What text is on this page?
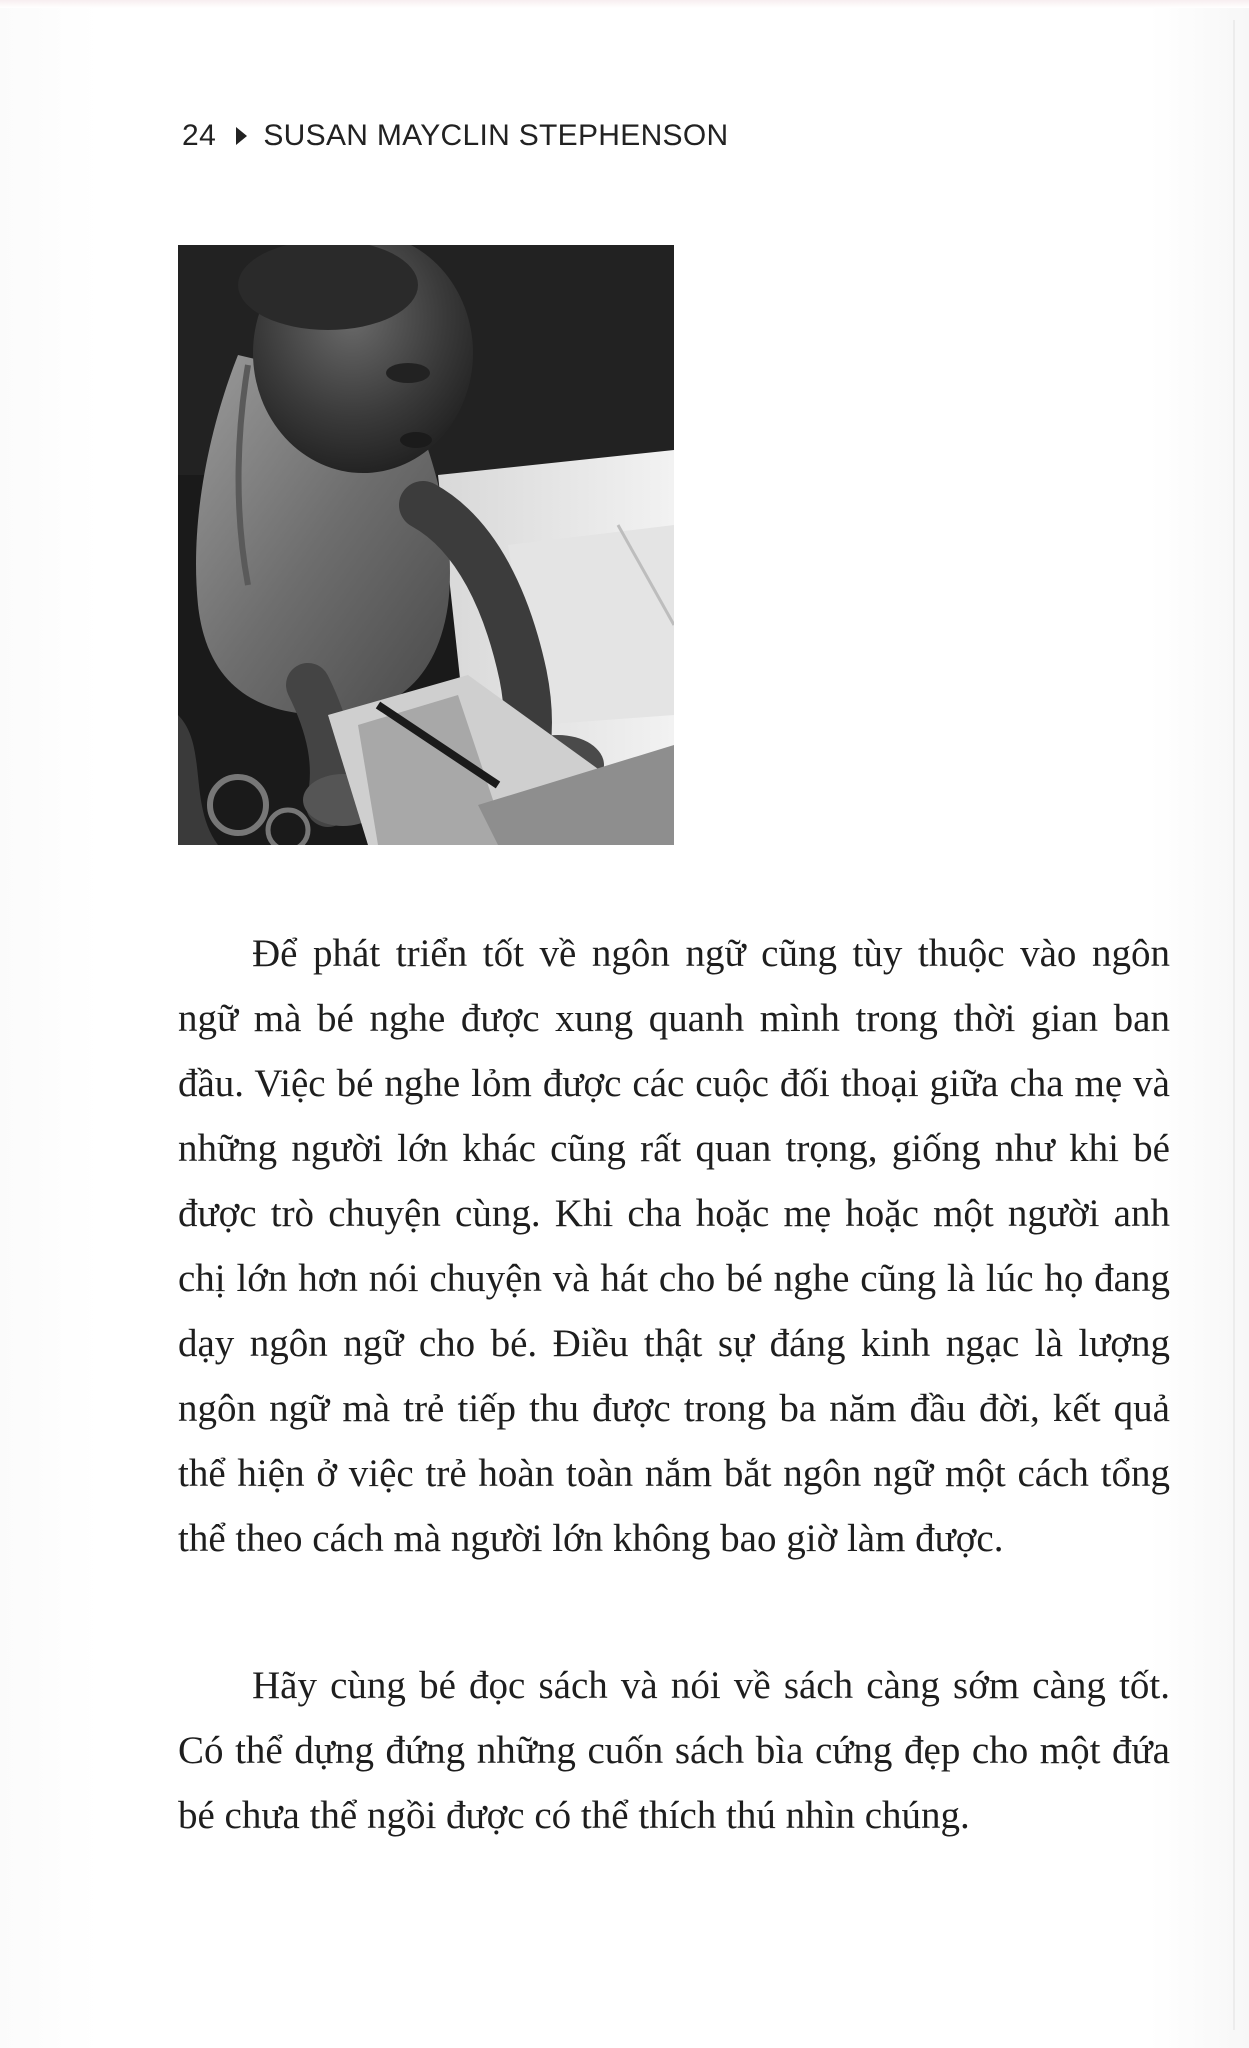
24 SUSAN MAYCLIN STEPHENSON

Để phát triển tốt về ngôn ngữ cũng tùy thuộc vào ngôn ngữ mà bé nghe được xung quanh mình trong thời gian ban đầu. Việc bé nghe lỏm được các cuộc đối thoại giữa cha mẹ và những người lớn khác cũng rất quan trọng, giống như khi bé được trò chuyện cùng. Khi cha hoặc mẹ hoặc một người anh chị lớn hơn nói chuyện và hát cho bé nghe cũng là lúc họ đang dạy ngôn ngữ cho bé. Điều thật sự đáng kinh ngạc là lượng ngôn ngữ mà trẻ tiếp thu được trong ba năm đầu đời, kết quả thể hiện ở việc trẻ hoàn toàn nắm bắt ngôn ngữ một cách tổng thể theo cách mà người lớn không bao giờ làm được.

Hãy cùng bé đọc sách và nói về sách càng sớm càng tốt. Có thể dựng đứng những cuốn sách bìa cứng đẹp cho một đứa bé chưa thể ngồi được có thể thích thú nhìn chúng.
